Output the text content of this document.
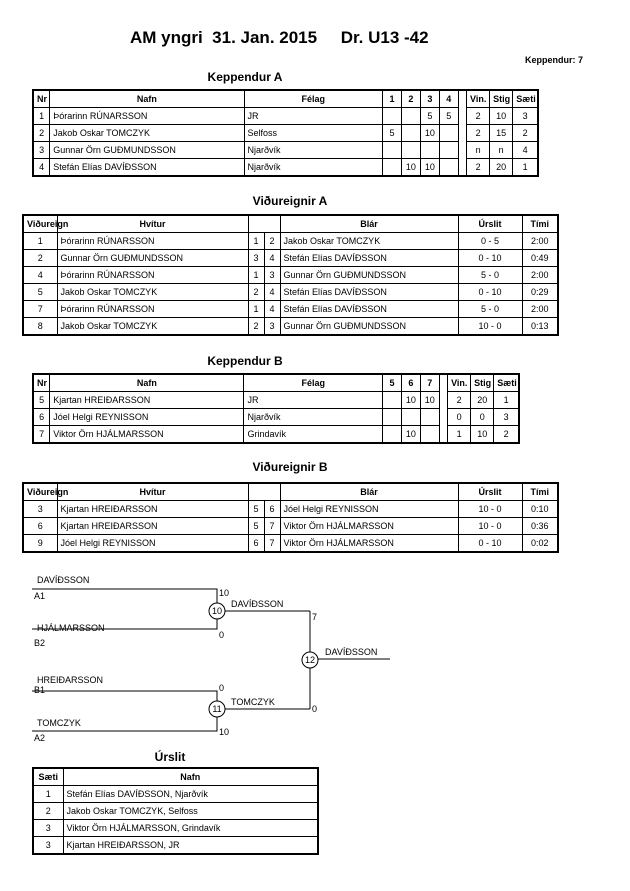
AM yngri  31. Jan. 2015     Dr. U13 -42
Keppendur: 7
Keppendur A
Nr	Nafn	Félag	1	2	3	4		Vin.	Stig	Sæti
1	Þórarinn RÚNARSSON	JR			5	5		2	10	3
2	Jakob Oskar TOMCZYK	Selfoss	5		10			2	15	2
3	Gunnar Örn GUÐMUNDSSON	Njarðvík						n	n	4
4	Stefán Elías DAVÍÐSSON	Njarðvík		10	10			2	20	1
Viðureignir A
Viðureign	Hvítur			Blár	Úrslit	Tími
1	Þórarinn RÚNARSSON	1	2	Jakob Oskar TOMCZYK	0 - 5	2:00
2	Gunnar Örn GUÐMUNDSSON	3	4	Stefán Elías DAVÍÐSSON	0 - 10	0:49
4	Þórarinn RÚNARSSON	1	3	Gunnar Örn GUÐMUNDSSON	5 - 0	2:00
5	Jakob Oskar TOMCZYK	2	4	Stefán Elías DAVÍÐSSON	0 - 10	0:29
7	Þórarinn RÚNARSSON	1	4	Stefán Elías DAVÍÐSSON	5 - 0	2:00
8	Jakob Oskar TOMCZYK	2	3	Gunnar Örn GUÐMUNDSSON	10 - 0	0:13
Keppendur B
Nr	Nafn	Félag	5	6	7		Vin.	Stig	Sæti
5	Kjartan HREIÐARSSON	JR		10	10		2	20	1
6	Jóel Helgi REYNISSON	Njarðvík					0	0	3
7	Viktor Örn HJÁLMARSSON	Grindavík		10			1	10	2
Viðureignir B
Viðureign	Hvítur			Blár	Úrslit	Tími
3	Kjartan HREIÐARSSON	5	6	Jóel Helgi REYNISSON	10 - 0	0:10
6	Kjartan HREIÐARSSON	5	7	Viktor Örn HJÁLMARSSON	10 - 0	0:36
9	Jóel Helgi REYNISSON	6	7	Viktor Örn HJÁLMARSSON	0 - 10	0:02
DAVÍÐSSON
A1	10
HJÁLMARSSON
B2
0
10
DAVÍÐSSON
7
HREIÐARSSON
B1	0
TOMCZYK
A2
10
11
TOMCZYK
0
12
DAVÍÐSSON
Úrslit
Sæti	Nafn
1	Stefán Elías DAVÍÐSSON, Njarðvík
2	Jakob Oskar TOMCZYK, Selfoss
3	Viktor Örn HJÁLMARSSON, Grindavík
3	Kjartan HREIÐARSSON, JR
